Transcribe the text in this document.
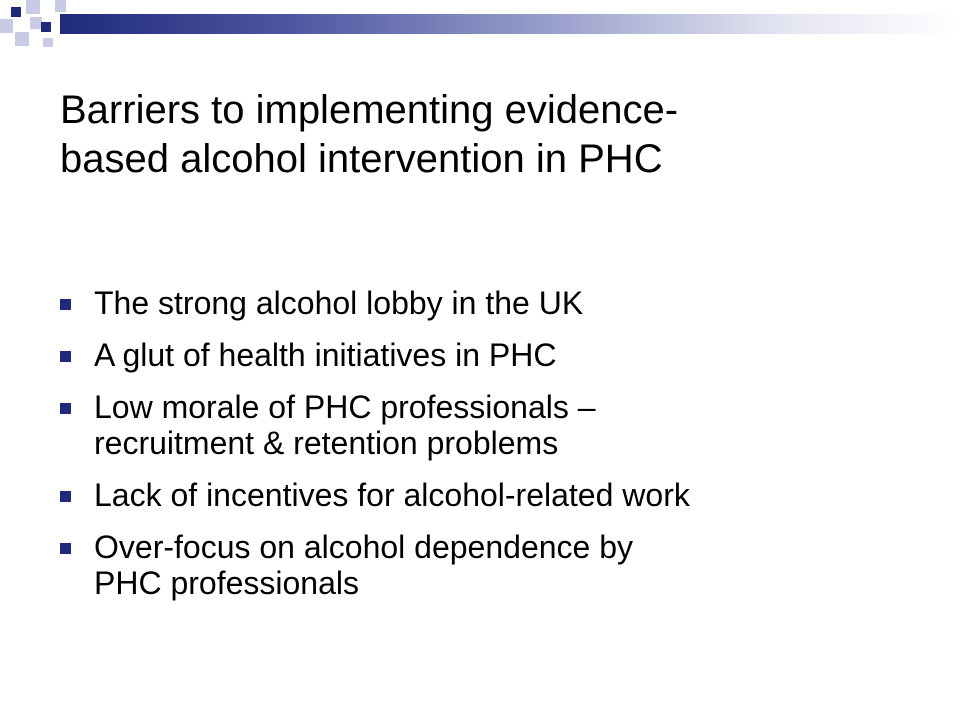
Barriers to implementing evidence-
based alcohol intervention in PHC
The strong alcohol lobby in the UK
A glut of health initiatives in PHC
Low morale of PHC professionals –
recruitment & retention problems
Lack of incentives for alcohol-related work
Over-focus on alcohol dependence by
PHC professionals
